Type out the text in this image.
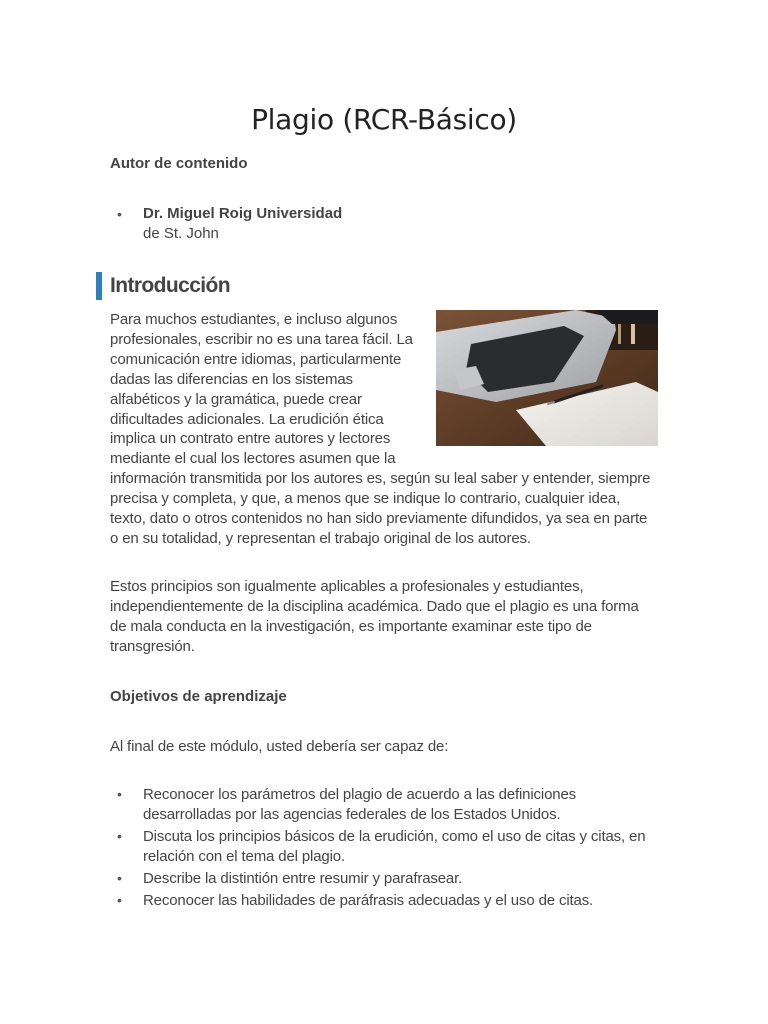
Plagio (RCR-Básico)
Autor de contenido
• Dr. Miguel Roig Universidad
de St. John
Introducción

Para muchos estudiantes, e incluso algunos profesionales, escribir no es una tarea fácil. La comunicación entre idiomas, particularmente dadas las diferencias en los sistemas alfabéticos y la gramática, puede crear dificultades adicionales. La erudición ética implica un contrato entre autores y lectores mediante el cual los lectores asumen que la información transmitida por los autores es, según su leal saber y entender, siempre precisa y completa, y que, a menos que se indique lo contrario, cualquier idea, texto, dato o otros contenidos no han sido previamente difundidos, ya sea en parte o en su totalidad, y representan el trabajo original de los autores.

Estos principios son igualmente aplicables a profesionales y estudiantes, independientemente de la disciplina académica. Dado que el plagio es una forma de mala conducta en la investigación, es importante examinar este tipo de transgresión.

Objetivos de aprendizaje

Al final de este módulo, usted debería ser capaz de:

• Reconocer los parámetros del plagio de acuerdo a las definiciones desarrolladas por las agencias federales de los Estados Unidos.
• Discuta los principios básicos de la erudición, como el uso de citas y citas, en relación con el tema del plagio.
• Describe la distintión entre resumir y parafrasear.
• Reconocer las habilidades de paráfrasis adecuadas y el uso de citas.
